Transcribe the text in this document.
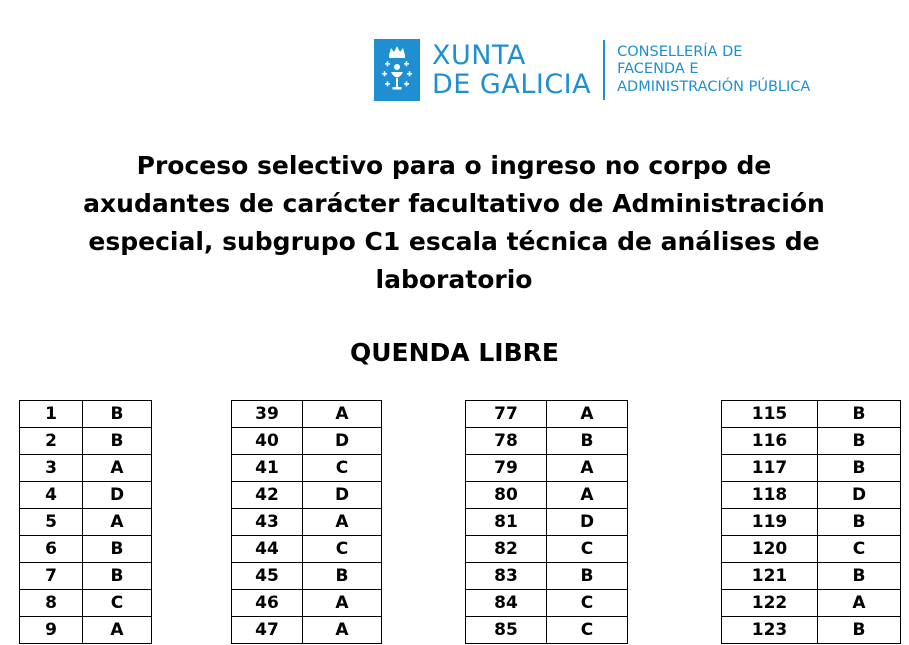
XUNTA
DE GALICIA
CONSELLERÍA DE
FACENDA E
ADMINISTRACIÓN PÚBLICA
Proceso selectivo para o ingreso no corpo de
axudantes de carácter facultativo de Administración
especial, subgrupo C1 escala técnica de análises de
laboratorio
QUENDA LIBRE
1	B
2	B
3	A
4	D
5	A
6	B
7	B
8	C
9	A
39	A
40	D
41	C
42	D
43	A
44	C
45	B
46	A
47	A
77	A
78	B
79	A
80	A
81	D
82	C
83	B
84	C
85	C
115	B
116	B
117	B
118	D
119	B
120	C
121	B
122	A
123	B
